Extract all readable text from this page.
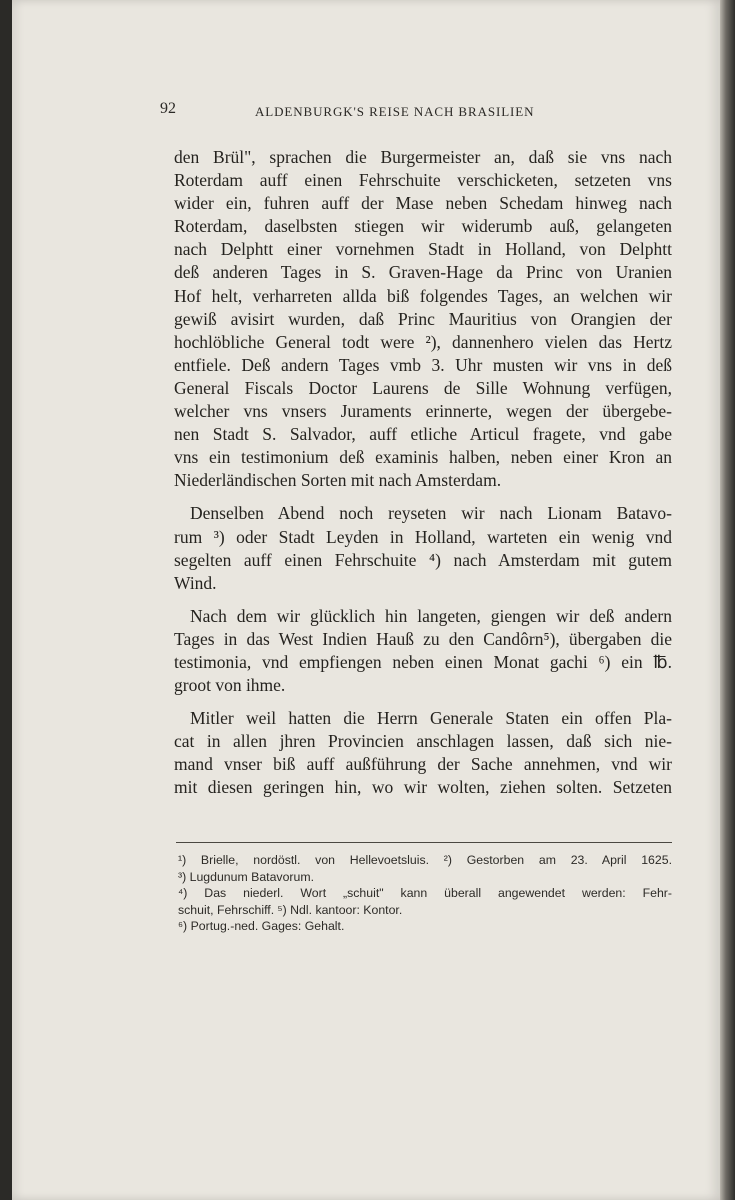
92	ALDENBURGK'S REISE NACH BRASILIEN

den Brül", sprachen die Burgermeister an, daß sie vns nach
Roterdam auff einen Fehrschuite verschicketen, setzeten vns
wider ein, fuhren auff der Mase neben Schedam hinweg nach
Roterdam, daselbsten stiegen wir widerumb auß, gelangeten
nach Delphtt einer vornehmen Stadt in Holland, von Delphtt
deß anderen Tages in S. Graven-Hage da Princ von Uranien
Hof helt, verharreten allda biß folgendes Tages, an welchen wir
gewiß avisirt wurden, daß Princ Mauritius von Orangien der
hochlöbliche General todt were ²), dannenhero vielen das Hertz
entfiele. Deß andern Tages vmb 3. Uhr musten wir vns in deß
General Fiscals Doctor Laurens de Sille Wohnung verfügen,
welcher vns vnsers Juraments erinnerte, wegen der übergebe-
nen Stadt S. Salvador, auff etliche Articul fragete, vnd gabe
vns ein testimonium deß examinis halben, neben einer Kron an
Niederländischen Sorten mit nach Amsterdam.

Denselben Abend noch reyseten wir nach Lionam Batavo-
rum ³) oder Stadt Leyden in Holland, warteten ein wenig vnd
segelten auff einen Fehrschuite ⁴) nach Amsterdam mit gutem
Wind.

Nach dem wir glücklich hin langeten, giengen wir deß andern
Tages in das West Indien Hauß zu den Candôrn⁵), übergaben die
testimonia, vnd empfiengen neben einen Monat gachi ⁶) ein ℔.
groot von ihme.

Mitler weil hatten die Herrn Generale Staten ein offen Pla-
cat in allen jhren Provincien anschlagen lassen, daß sich nie-
mand vnser biß auff außführung der Sache annehmen, vnd wir
mit diesen geringen hin, wo wir wolten, ziehen solten. Setzeten

¹) Brielle, nordöstl. von Hellevoetsluis. ²) Gestorben am 23. April 1625.
³) Lugdunum Batavorum.
⁴) Das niederl. Wort „schuit" kann überall angewendet werden: Fehr-
schuit, Fehrschiff. ⁵) Ndl. kantoor: Kontor.
⁶) Portug.-ned. Gages: Gehalt.
